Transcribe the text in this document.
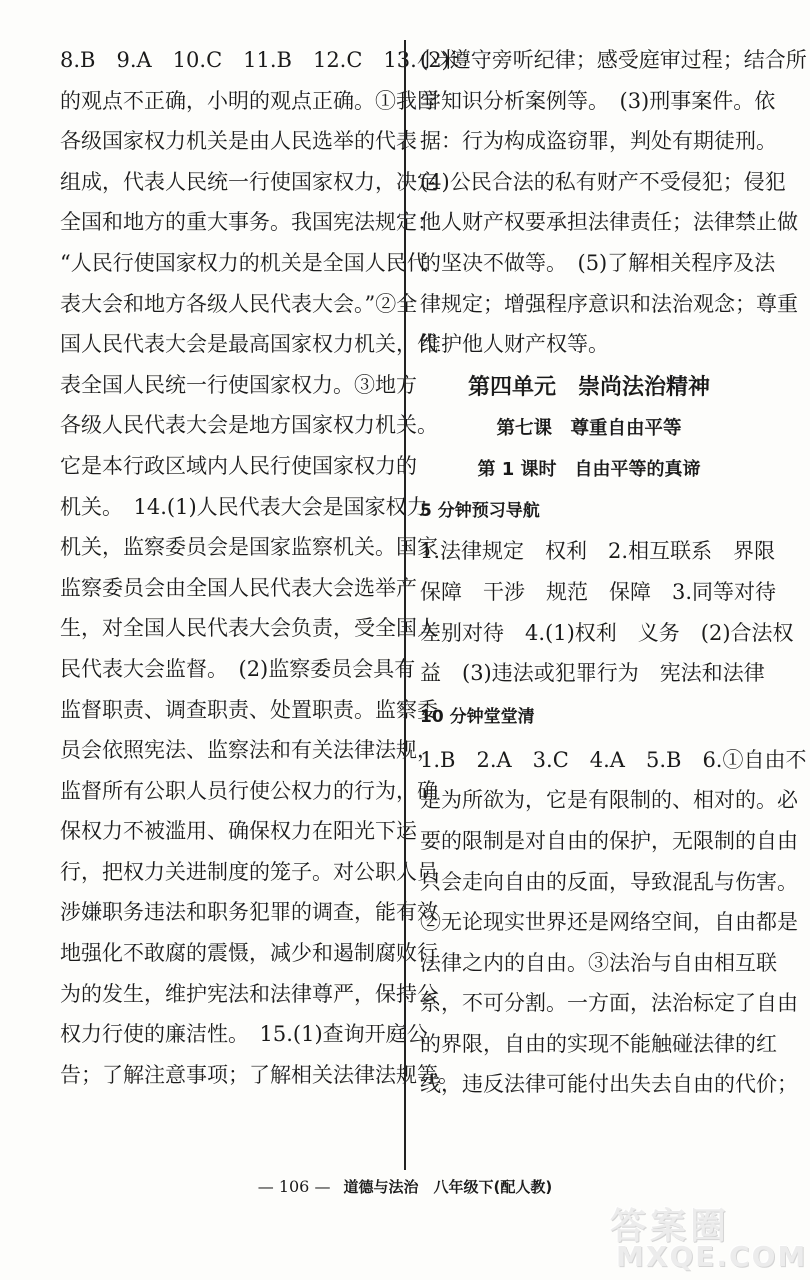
8.B　9.A　10.C　11.B　12.C　13.小米
的观点不正确，小明的观点正确。①我国
各级国家权力机关是由人民选举的代表
组成，代表人民统一行使国家权力，决定
全国和地方的重大事务。我国宪法规定：
“人民行使国家权力的机关是全国人民代
表大会和地方各级人民代表大会。”②全
国人民代表大会是最高国家权力机关，代
表全国人民统一行使国家权力。③地方
各级人民代表大会是地方国家权力机关。
它是本行政区域内人民行使国家权力的
机关。　14.(1)人民代表大会是国家权力
机关，监察委员会是国家监察机关。国家
监察委员会由全国人民代表大会选举产
生，对全国人民代表大会负责，受全国人
民代表大会监督。　(2)监察委员会具有
监督职责、调查职责、处置职责。监察委
员会依照宪法、监察法和有关法律法规，
监督所有公职人员行使公权力的行为，确
保权力不被滥用、确保权力在阳光下运
行，把权力关进制度的笼子。对公职人员
涉嫌职务违法和职务犯罪的调查，能有效
地强化不敢腐的震慑，减少和遏制腐败行
为的发生，维护宪法和法律尊严，保持公
权力行使的廉洁性。　15.(1)查询开庭公
告；了解注意事项；了解相关法律法规等。
(2)遵守旁听纪律；感受庭审过程；结合所
学知识分析案例等。　(3)刑事案件。依
据：行为构成盗窃罪，判处有期徒刑。
(4)公民合法的私有财产不受侵犯；侵犯
他人财产权要承担法律责任；法律禁止做
的坚决不做等。　(5)了解相关程序及法
律规定；增强程序意识和法治观念；尊重
维护他人财产权等。
第四单元　崇尚法治精神
第七课　尊重自由平等
第 1 课时　自由平等的真谛
5 分钟预习导航
1.法律规定　权利　2.相互联系　界限
保障　干涉　规范　保障　3.同等对待
差别对待　4.(1)权利　义务　(2)合法权
益　(3)违法或犯罪行为　宪法和法律
10 分钟堂堂清
1.B　2.A　3.C　4.A　5.B　6.①自由不
是为所欲为，它是有限制的、相对的。必
要的限制是对自由的保护，无限制的自由
只会走向自由的反面，导致混乱与伤害。
②无论现实世界还是网络空间，自由都是
法律之内的自由。③法治与自由相互联
系，不可分割。一方面，法治标定了自由
的界限，自由的实现不能触碰法律的红
线，违反法律可能付出失去自由的代价；
— 106 — 道德与法治　八年级下(配人教)
答案圈
MXQE.COM
